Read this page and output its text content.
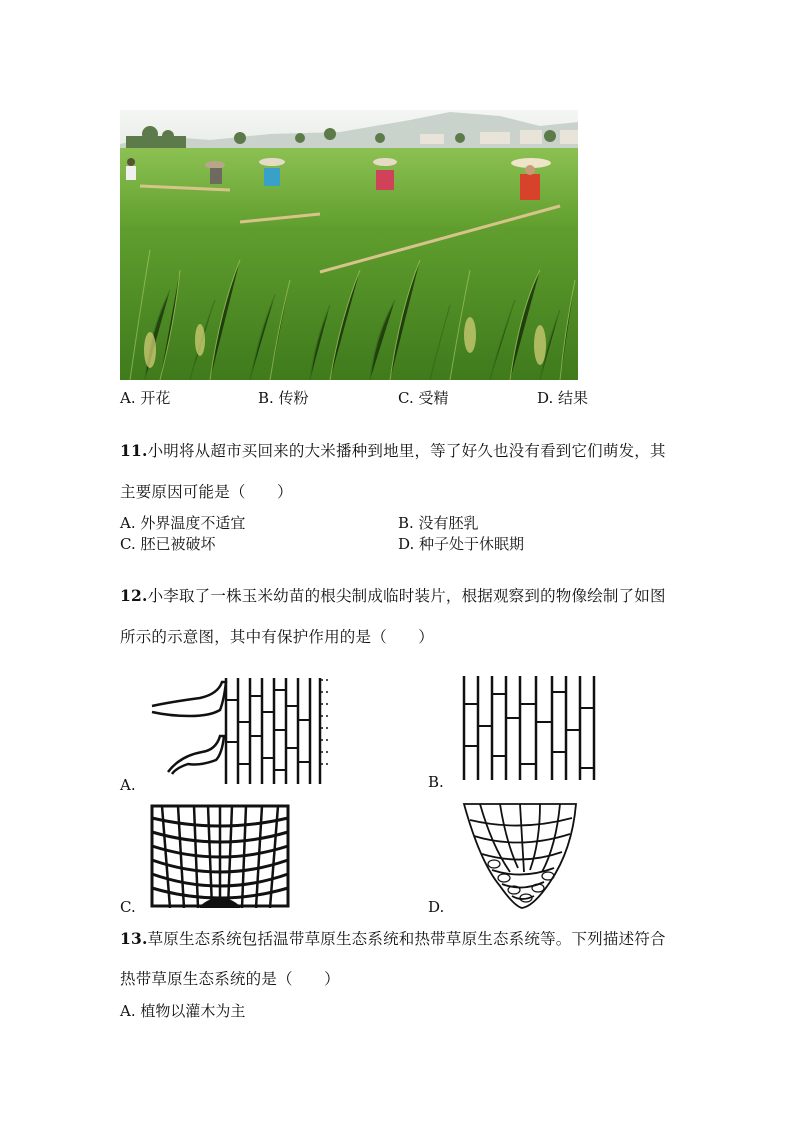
A. 开花	B. 传粉	C. 受精	D. 结果
11.小明将从超市买回来的大米播种到地里，等了好久也没有看到它们萌发，其
主要原因可能是（　　）
A. 外界温度不适宜	B. 没有胚乳
C. 胚已被破坏	D. 种子处于休眠期
12.小李取了一株玉米幼苗的根尖制成临时装片，根据观察到的物像绘制了如图
所示的示意图，其中有保护作用的是（　　）
A.	B.
C.	D.
13.草原生态系统包括温带草原生态系统和热带草原生态系统等。下列描述符合
热带草原生态系统的是（　　）
A. 植物以灌木为主
